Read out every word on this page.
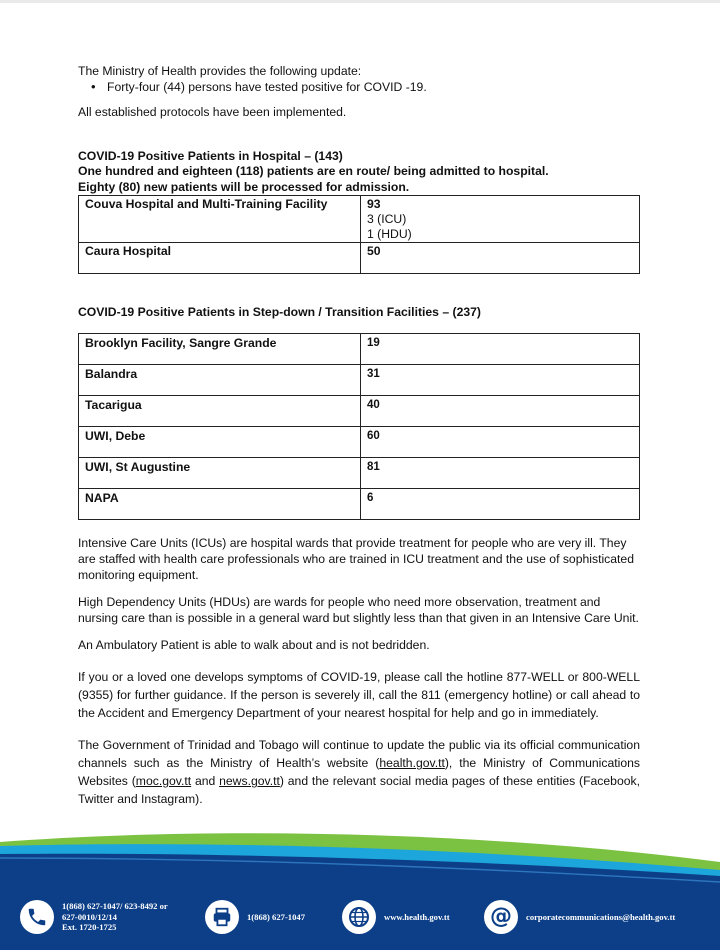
The Ministry of Health provides the following update:

• Forty-four (44) persons have tested positive for COVID -19.

All established protocols have been implemented.

COVID-19 Positive Patients in Hospital – (143)
One hundred and eighteen (118) patients are en route/ being admitted to hospital.
Eighty (80) new patients will be processed for admission.
Couva Hospital and Multi-Training Facility	93
3 (ICU)
1 (HDU)

Caura Hospital	50
COVID-19 Positive Patients in Step-down / Transition Facilities – (237)
Brooklyn Facility, Sangre Grande	19
Balandra	31
Tacarigua	40
UWI, Debe	60
UWI, St Augustine	81
NAPA	6

Intensive Care Units (ICUs) are hospital wards that provide treatment for people who are very ill. They are staffed with health care professionals who are trained in ICU treatment and the use of sophisticated monitoring equipment.

High Dependency Units (HDUs) are wards for people who need more observation, treatment and nursing care than is possible in a general ward but slightly less than that given in an Intensive Care Unit.

An Ambulatory Patient is able to walk about and is not bedridden.

If you or a loved one develops symptoms of COVID-19, please call the hotline 877-WELL or 800-WELL (9355) for further guidance. If the person is severely ill, call the 811 (emergency hotline) or call ahead to the Accident and Emergency Department of your nearest hospital for help and go in immediately.

The Government of Trinidad and Tobago will continue to update the public via its official communication channels such as the Ministry of Health’s website (health.gov.tt), the Ministry of Communications Websites (moc.gov.tt and news.gov.tt) and the relevant social media pages of these entities (Facebook, Twitter and Instagram).

1(868) 627-1047/ 623-8492 or
627-0010/12/14
Ext. 1720-1725
1(868) 627-1047	www.health.gov.tt @ corporatecommunications@health.gov.tt
